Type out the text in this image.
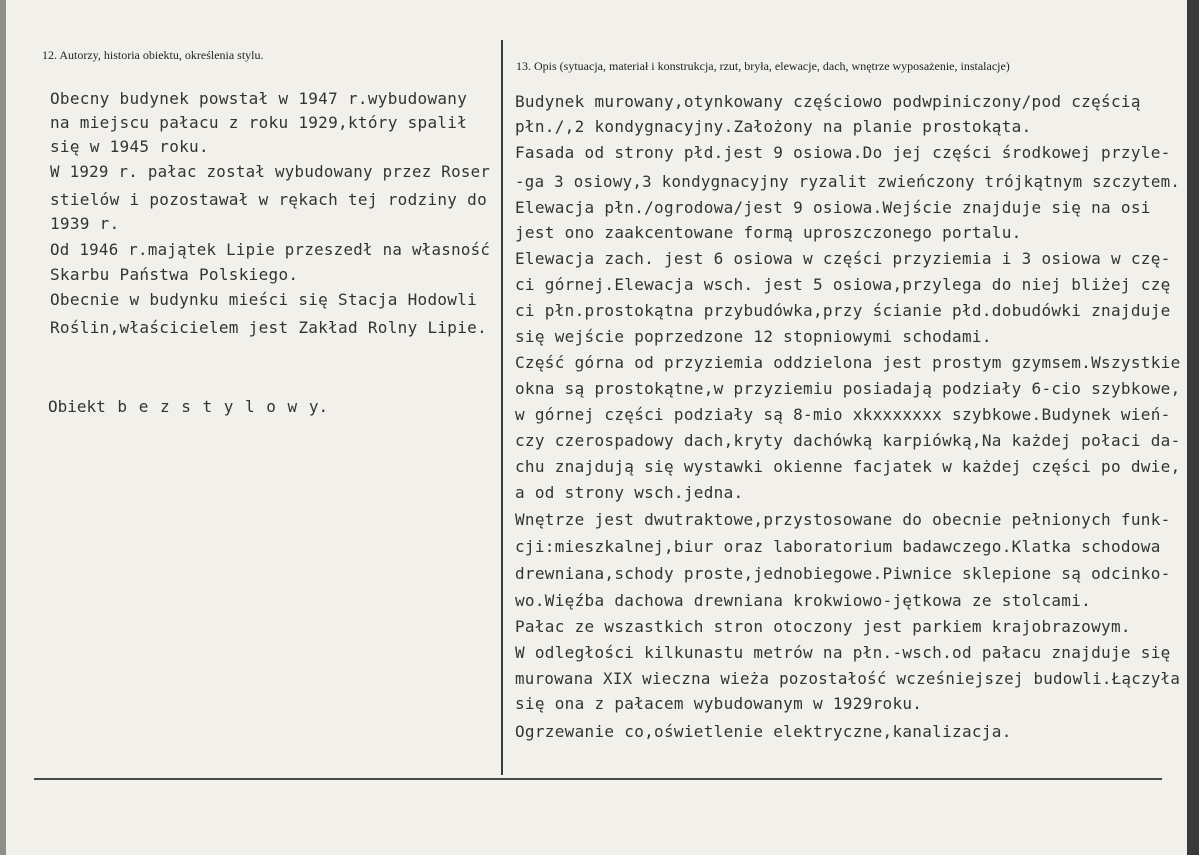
12. Autorzy, historia obiektu, określenia stylu.
Obecny budynek powstał w 1947 r.wybudowany
na miejscu pałacu z roku 1929,który spalił
się w 1945 roku.
W 1929 r. pałac został wybudowany przez Roser
stielów i pozostawał w rękach tej rodziny do
1939 r.
Od 1946 r.majątek Lipie przeszedł na własność
Skarbu Państwa Polskiego.
Obecnie w budynku mieści się Stacja Hodowli
Roślin,właścicielem jest Zakład Rolny Lipie.
Obiekt b e z s t y l o w y.
13. Opis (sytuacja, materiał i konstrukcja, rzut, bryła, elewacje, dach, wnętrze wyposażenie, instalacje)
Budynek murowany,otynkowany częściowo podwpiniczony/pod częścią
płn./,2 kondygnacyjny.Założony na planie prostokąta.
Fasada od strony płd.jest 9 osiowa.Do jej części środkowej przyle-
-ga 3 osiowy,3 kondygnacyjny ryzalit zwieńczony trójkątnym szczytem.
Elewacja płn./ogrodowa/jest 9 osiowa.Wejście znajduje się na osi
jest ono zaakcentowane formą uproszczonego portalu.
Elewacja zach. jest 6 osiowa w części przyziemia i 3 osiowa w czę-
ci górnej.Elewacja wsch. jest 5 osiowa,przylega do niej bliżej czę
ci płn.prostokątna przybudówka,przy ścianie płd.dobudówki znajduje
się wejście poprzedzone 12 stopniowymi schodami.
Część górna od przyziemia oddzielona jest prostym gzymsem.Wszystkie
okna są prostokątne,w przyziemiu posiadają podziały 6-cio szybkowe,
w górnej części podziały są 8-mio xkxxxxxxx szybkowe.Budynek wień-
czy czerospadowy dach,kryty dachówką karpiówką,Na każdej połaci da-
chu znajdują się wystawki okienne facjatek w każdej części po dwie,
a od strony wsch.jedna.
Wnętrze jest dwutraktowe,przystosowane do obecnie pełnionych funk-
cji:mieszkalnej,biur oraz laboratorium badawczego.Klatka schodowa
drewniana,schody proste,jednobiegowe.Piwnice sklepione są odcinko-
wo.Więźba dachowa drewniana krokwiowo-jętkowa ze stolcami.
Pałac ze wszastkich stron otoczony jest parkiem krajobrazowym.
W odległości kilkunastu metrów na płn.-wsch.od pałacu znajduje się
murowana XIX wieczna wieża pozostałość wcześniejszej budowli.Łączyła
się ona z pałacem wybudowanym w 1929roku.
Ogrzewanie co,oświetlenie elektryczne,kanalizacja.
